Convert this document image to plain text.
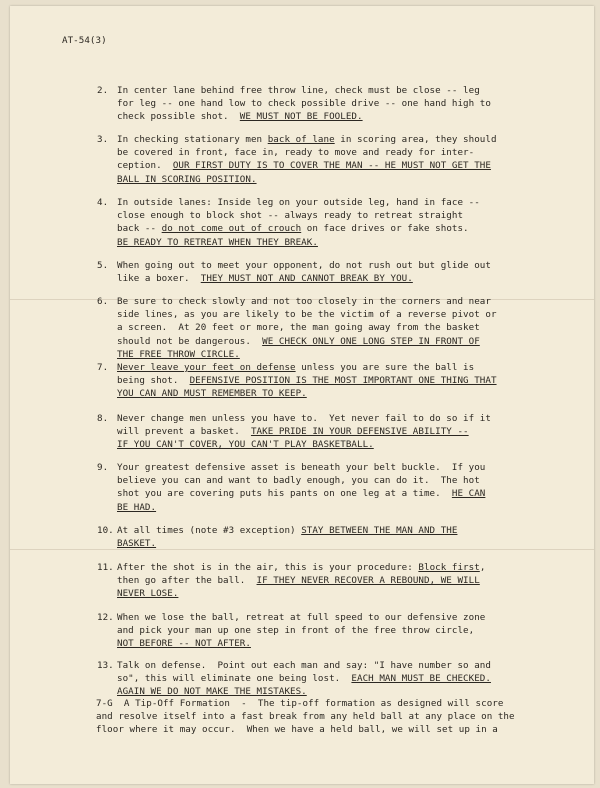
AT-54(3)
2. In center lane behind free throw line, check must be close -- leg
for leg -- one hand low to check possible drive -- one hand high to
check possible shot.  WE MUST NOT BE FOOLED.
3. In checking stationary men back of lane in scoring area, they should
be covered in front, face in, ready to move and ready for inter-
ception.  OUR FIRST DUTY IS TO COVER THE MAN -- HE MUST NOT GET THE
BALL IN SCORING POSITION.
4. In outside lanes: Inside leg on your outside leg, hand in face --
close enough to block shot -- always ready to retreat straight
back -- do not come out of crouch on face drives or fake shots.
BE READY TO RETREAT WHEN THEY BREAK.
5. When going out to meet your opponent, do not rush out but glide out
like a boxer.  THEY MUST NOT AND CANNOT BREAK BY YOU.
6. Be sure to check slowly and not too closely in the corners and near
side lines, as you are likely to be the victim of a reverse pivot or
a screen.  At 20 feet or more, the man going away from the basket
should not be dangerous.  WE CHECK ONLY ONE LONG STEP IN FRONT OF
THE FREE THROW CIRCLE.
7. Never leave your feet on defense unless you are sure the ball is
being shot.  DEFENSIVE POSITION IS THE MOST IMPORTANT ONE THING THAT
YOU CAN AND MUST REMEMBER TO KEEP.
8. Never change men unless you have to.  Yet never fail to do so if it
will prevent a basket.  TAKE PRIDE IN YOUR DEFENSIVE ABILITY --
IF YOU CAN'T COVER, YOU CAN'T PLAY BASKETBALL.
9. Your greatest defensive asset is beneath your belt buckle.  If you
believe you can and want to badly enough, you can do it.  The hot
shot you are covering puts his pants on one leg at a time.  HE CAN
BE HAD.
10. At all times (note #3 exception) STAY BETWEEN THE MAN AND THE
BASKET.
11. After the shot is in the air, this is your procedure: Block first,
then go after the ball.  IF THEY NEVER RECOVER A REBOUND, WE WILL
NEVER LOSE.
12. When we lose the ball, retreat at full speed to our defensive zone
and pick your man up one step in front of the free throw circle,
NOT BEFORE -- NOT AFTER.
13. Talk on defense.  Point out each man and say: "I have number so and
so", this will eliminate one being lost.  EACH MAN MUST BE CHECKED.
AGAIN WE DO NOT MAKE THE MISTAKES.
7-G  A Tip-Off Formation  -  The tip-off formation as designed will score
and resolve itself into a fast break from any held ball at any place on the
floor where it may occur.  When we have a held ball, we will set up in a
